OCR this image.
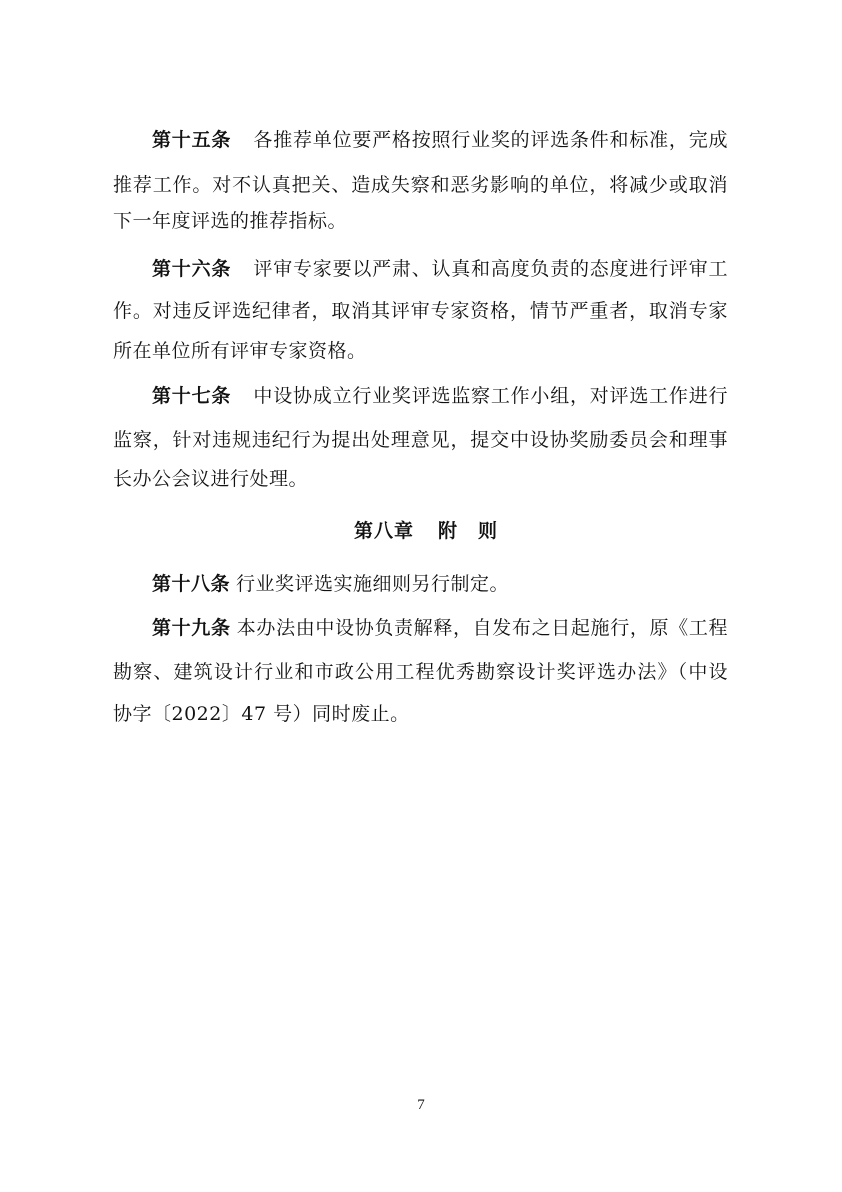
第十五条 各推荐单位要严格按照行业奖的评选条件和标准，完成
推荐工作。对不认真把关、造成失察和恶劣影响的单位，将减少或取消
下一年度评选的推荐指标。
第十六条 评审专家要以严肃、认真和高度负责的态度进行评审工
作。对违反评选纪律者，取消其评审专家资格，情节严重者，取消专家
所在单位所有评审专家资格。
第十七条 中设协成立行业奖评选监察工作小组，对评选工作进行
监察，针对违规违纪行为提出处理意见，提交中设协奖励委员会和理事
长办公会议进行处理。
第八章 附　则
第十八条 行业奖评选实施细则另行制定。
第十九条 本办法由中设协负责解释，自发布之日起施行，原《工程
勘察、建筑设计行业和市政公用工程优秀勘察设计奖评选办法》（中设
协字〔2022〕47 号）同时废止。
7
